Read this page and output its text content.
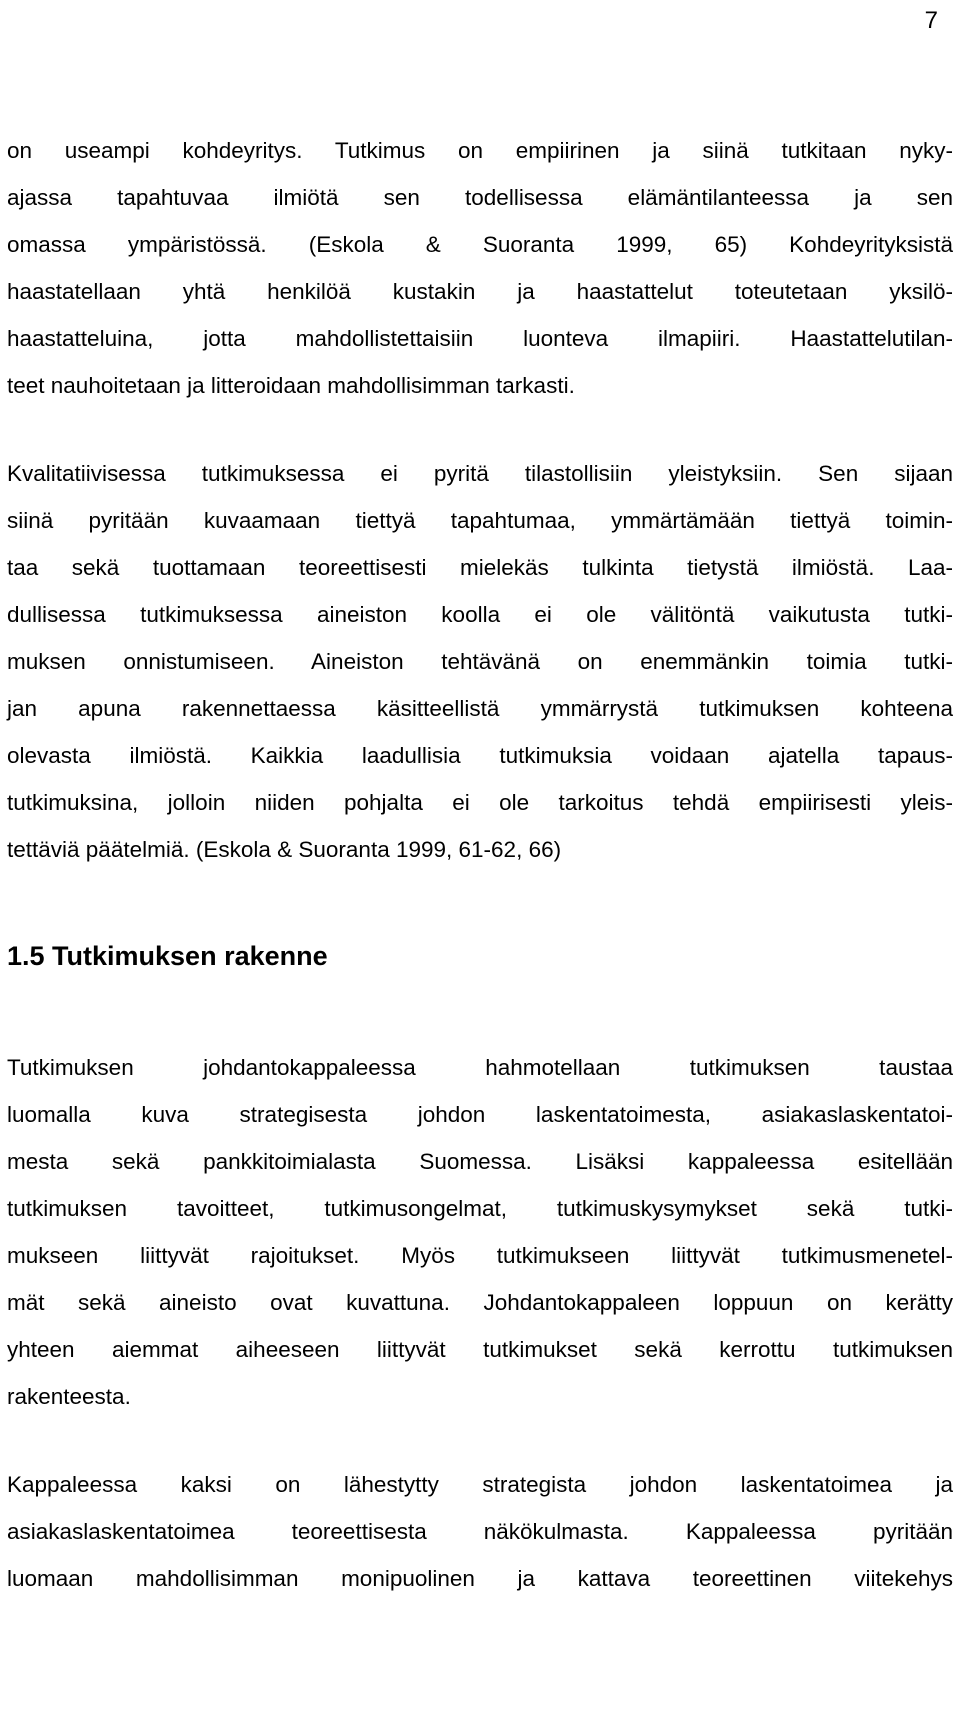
7
on useampi kohdeyritys. Tutkimus on empiirinen ja siinä tutkitaan nyky-
ajassa tapahtuvaa ilmiötä sen todellisessa elämäntilanteessa ja sen
omassa ympäristössä. (Eskola & Suoranta 1999, 65) Kohdeyrityksistä
haastatellaan yhtä henkilöä kustakin ja haastattelut toteutetaan yksilö-
haastatteluina, jotta mahdollistettaisiin luonteva ilmapiiri. Haastattelutilan-
teet nauhoitetaan ja litteroidaan mahdollisimman tarkasti.
Kvalitatiivisessa tutkimuksessa ei pyritä tilastollisiin yleistyksiin. Sen sijaan
siinä pyritään kuvaamaan tiettyä tapahtumaa, ymmärtämään tiettyä toimin-
taa sekä tuottamaan teoreettisesti mielekäs tulkinta tietystä ilmiöstä. Laa-
dullisessa tutkimuksessa aineiston koolla ei ole välitöntä vaikutusta tutki-
muksen onnistumiseen. Aineiston tehtävänä on enemmänkin toimia tutki-
jan apuna rakennettaessa käsitteellistä ymmärrystä tutkimuksen kohteena
olevasta ilmiöstä. Kaikkia laadullisia tutkimuksia voidaan ajatella tapaus-
tutkimuksina, jolloin niiden pohjalta ei ole tarkoitus tehdä empiirisesti yleis-
tettäviä päätelmiä. (Eskola & Suoranta 1999, 61-62, 66)
1.5 Tutkimuksen rakenne
Tutkimuksen johdantokappaleessa hahmotellaan tutkimuksen taustaa
luomalla kuva strategisesta johdon laskentatoimesta, asiakaslaskentatoi-
mesta sekä pankkitoimialasta Suomessa. Lisäksi kappaleessa esitellään
tutkimuksen tavoitteet, tutkimusongelmat, tutkimuskysymykset sekä tutki-
mukseen liittyvät rajoitukset. Myös tutkimukseen liittyvät tutkimusmenetel-
mät sekä aineisto ovat kuvattuna. Johdantokappaleen loppuun on kerätty
yhteen aiemmat aiheeseen liittyvät tutkimukset sekä kerrottu tutkimuksen
rakenteesta.
Kappaleessa kaksi on lähestytty strategista johdon laskentatoimea ja
asiakaslaskentatoimea teoreettisesta näkökulmasta. Kappaleessa pyritään
luomaan mahdollisimman monipuolinen ja kattava teoreettinen viitekehys
